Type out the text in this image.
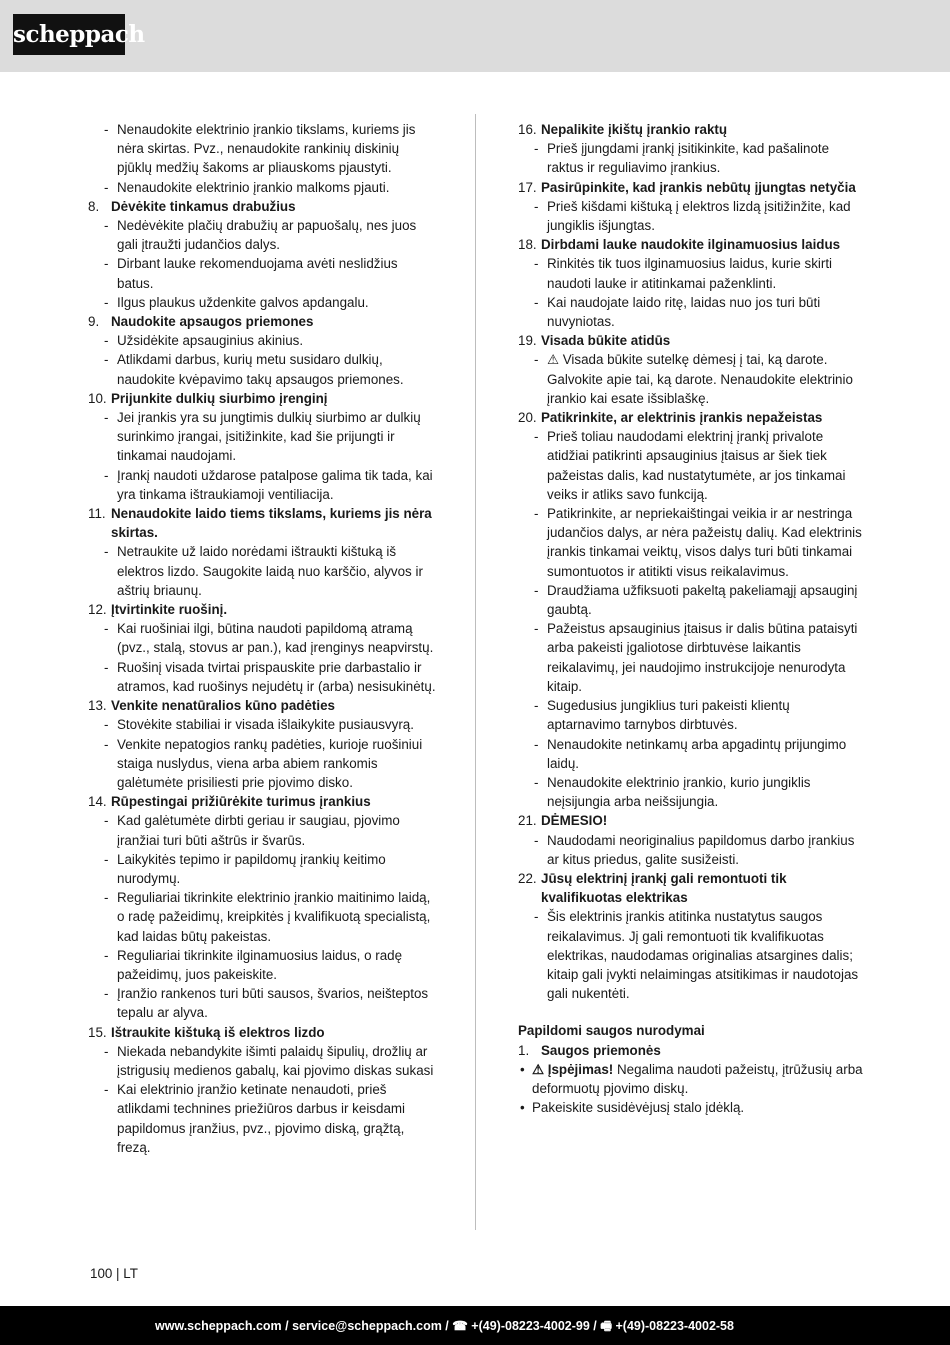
scheppach
- Nenaudokite elektrinio įrankio tikslams, kuriems jis nėra skirtas. Pvz., nenaudokite rankinių diskinių pjūklų medžių šakoms ar pliauskoms pjaustyti.
- Nenaudokite elektrinio įrankio malkoms pjauti.
8. Dėvėkite tinkamus drabužius
- Nedėvėkite plačių drabužių ar papuošalų, nes juos gali įtraužti judančios dalys.
- Dirbant lauke rekomenduojama avėti neslidžius batus.
- Ilgus plaukus uždenkite galvos apdangalu.
9. Naudokite apsaugos priemones
- Užsidėkite apsauginius akinius.
- Atlikdami darbus, kurių metu susidaro dulkių, naudokite kvėpavimo takų apsaugos priemones.
10. Prijunkite dulkių siurbimo įrenginį
- Jei įrankis yra su jungtimis dulkių siurbimo ar dulkių surinkimo įrangai, įsitižinkite, kad šie prijungti ir tinkamai naudojami.
- Įrankį naudoti uždarose patalpose galima tik tada, kai yra tinkama ištraukiamoji ventiliacija.
11. Nenaudokite laido tiems tikslams, kuriems jis nėra skirtas.
- Netraukite už laido norėdami ištraukti kištuką iš elektros lizdo. Saugokite laidą nuo karščio, alyvos ir aštrių briaunų.
12. Įtvirtinkite ruošinį.
- Kai ruošiniai ilgi, būtina naudoti papildomą atramą (pvz., stalą, stovus ar pan.), kad įrenginys neapvirstų.
- Ruošinį visada tvirtai prispauskite prie darbastalio ir atramos, kad ruošinys nejudėtų ir (arba) nesisukinėtų.
13. Venkite nenatūralios kūno padėties
- Stovėkite stabiliai ir visada išlaikykite pusiausvyrą.
- Venkite nepatogios rankų padėties, kurioje ruošiniui staiga nuslydus, viena arba abiem rankomis galėtumėte prisiliesti prie pjovimo disko.
14. Rūpestingai prižiūrėkite turimus įrankius
- Kad galėtumėte dirbti geriau ir saugiau, pjovimo įranžiai turi būti aštrūs ir švarūs.
- Laikykitės tepimo ir papildomų įrankių keitimo nurodymų.
- Reguliariai tikrinkite elektrinio įrankio maitinimo laidą, o radę pažeidimų, kreipkitės į kvalifikuotą specialistą, kad laidas būtų pakeistas.
- Reguliariai tikrinkite ilginamuosius laidus, o radę pažeidimų, juos pakeiskite.
- Įranžio rankenos turi būti sausos, švarios, neišteptos tepalu ar alyva.
15. Ištraukite kištuką iš elektros lizdo
- Niekada nebandykite išimti palaidų šipulių, drožlių ar įstrigusių medienos gabalų, kai pjovimo diskas sukasi
- Kai elektrinio įranžio ketinate nenaudoti, prieš atlikdami technines priežiūros darbus ir keisdami papildomus įranžius, pvz., pjovimo diską, grąžtą, frezą.
16. Nepalikite įkištų įrankio raktų
- Prieš įjungdami įrankį įsitikinkite, kad pašalinote raktus ir reguliavimo įrankius.
17. Pasirūpinkite, kad įrankis nebūtų įjungtas netyčia
- Prieš kišdami kištuką į elektros lizdą įsitižinžite, kad jungiklis išjungtas.
18. Dirbdami lauke naudokite ilginamuosius laidus
- Rinkitės tik tuos ilginamuosius laidus, kurie skirti naudoti lauke ir atitinkamai paženklinti.
- Kai naudojate laido ritę, laidas nuo jos turi būti nuvyniotas.
19. Visada būkite atidūs
- ⚠ Visada būkite sutelkę dėmesį į tai, ką darote. Galvokite apie tai, ką darote. Nenaudokite elektrinio įrankio kai esate išsiblaškę.
20. Patikrinkite, ar elektrinis įrankis nepažeistas
- Prieš toliau naudodami elektrinį įrankį privalote atidžiai patikrinti apsauginius įtaisus ar šiek tiek pažeistas dalis, kad nustatytumėte, ar jos tinkamai veiks ir atliks savo funkciją.
- Patikrinkite, ar nepriekaištingai veikia ir ar nestringa judančios dalys, ar nėra pažeistų dalių. Kad elektrinis įrankis tinkamai veiktų, visos dalys turi būti tinkamai sumontuotos ir atitikti visus reikalavimus.
- Draudžiama užfiksuoti pakeltą pakeliamąjį apsauginį gaubtą.
- Pažeistus apsauginius įtaisus ir dalis būtina pataisyti arba pakeisti įgaliotose dirbtuvėse laikantis reikalavimų, jei naudojimo instrukcijoje nenurodyta kitaip.
- Sugedusius jungiklius turi pakeisti klientų aptarnavimo tarnybos dirbtuvės.
- Nenaudokite netinkamų arba apgadintų prijungimo laidų.
- Nenaudokite elektrinio įrankio, kurio jungiklis neįsijungia arba neišsijungia.
21. DĖMESIO!
- Naudodami neoriginalius papildomus darbo įrankius ar kitus priedus, galite susižeisti.
22. Jūsų elektrinį įrankį gali remontuoti tik kvalifikuotas elektrikas
- Šis elektrinis įrankis atitinka nustatytus saugos reikalavimus. Jį gali remontuoti tik kvalifikuotas elektrikas, naudodamas originalias atsargines dalis; kitaip gali įvykti nelaimingas atsitikimas ir naudotojas gali nukentėti.
Papildomi saugos nurodymai
1. Saugos priemonės
• ⚠ Įspėjimas! Negalima naudoti pažeistų, įtrūžusių arba deformuotų pjovimo diskų.
• Pakeiskite susidėvėjusį stalo įdėklą.
100 | LT
www.scheppach.com / service@scheppach.com / ☎ +(49)-08223-4002-99 / 🖷 +(49)-08223-4002-58
